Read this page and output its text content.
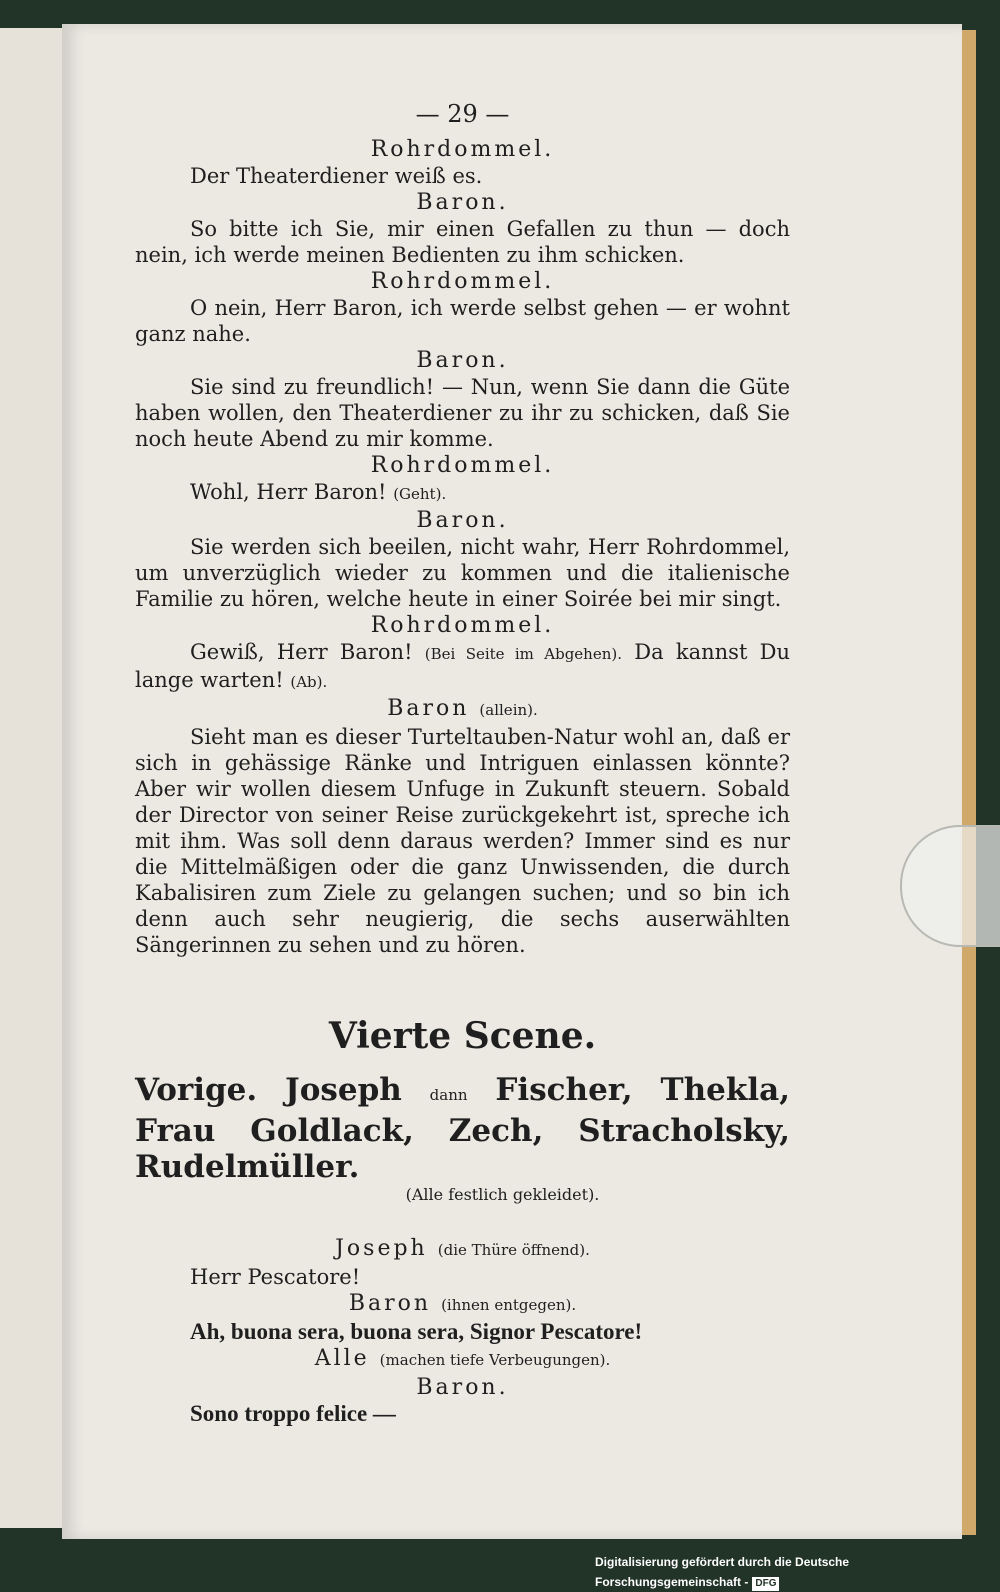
— 29 —

Rohrdommel.

Der Theaterdiener weiß es.

Baron.

So bitte ich Sie, mir einen Gefallen zu thun — doch nein, ich werde meinen Bedienten zu ihm schicken.

Rohrdommel.

O nein, Herr Baron, ich werde selbst gehen — er wohnt ganz nahe.

Baron.

Sie sind zu freundlich! — Nun, wenn Sie dann die Güte haben wollen, den Theaterdiener zu ihr zu schicken, daß Sie noch heute Abend zu mir komme.

Rohrdommel.

Wohl, Herr Baron! (Geht).

Baron.

Sie werden sich beeilen, nicht wahr, Herr Rohrdommel, um unverzüglich wieder zu kommen und die italienische Familie zu hören, welche heute in einer Soirée bei mir singt.

Rohrdommel.

Gewiß, Herr Baron! (Bei Seite im Abgehen). Da kannst Du lange warten! (Ab).

Baron (allein).

Sieht man es dieser Turteltauben-Natur wohl an, daß er sich in gehässige Ränke und Intriguen einlassen könnte? Aber wir wollen diesem Unfuge in Zukunft steuern. Sobald der Director von seiner Reise zurückgekehrt ist, spreche ich mit ihm. Was soll denn daraus werden? Immer sind es nur die Mittelmäßigen oder die ganz Unwissenden, die durch Kabalisiren zum Ziele zu gelangen suchen; und so bin ich denn auch sehr neugierig, die sechs auserwählten Sängerinnen zu sehen und zu hören.

Vierte Scene.

Vorige. Joseph dann Fischer, Thekla, Frau Goldlack, Zech, Stracholsky, Rudelmüller.

(Alle festlich gekleidet).

Joseph (die Thüre öffnend).

Herr Pescatore!

Baron (ihnen entgegen).

Ah, buona sera, buona sera, Signor Pescatore!

Alle (machen tiefe Verbeugungen).

Baron.

Sono troppo felice —

Digitalisierung gefördert durch die Deutsche Forschungsgemeinschaft - DFG
